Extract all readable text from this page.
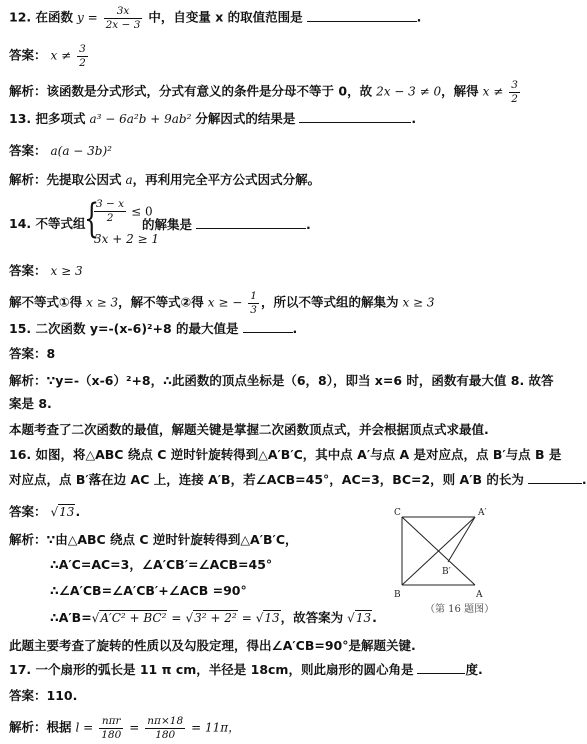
12. 在函数 $y = \frac{3x}{2x - 3}$ 中，自变量 x 的取值范围是	.
答案： $x \ne \frac{3}{2}$
解析：该函数是分式形式，分式有意义的条件是分母不等于 0，故 2x − 3 ≠ 0，解得 $x \ne \frac{3}{2}$
13. 把多项式 a³ − 6a²b + 9ab² 分解因式的结果是	.
答案： a(a − 3b)²
解析：先提取公因式 a，再利用完全平方公式因式分解。
14. 不等式组
{
$\frac{3 - x}{2} \le 0$
3x + 2 ≥ 1
的解集是	.
答案： x ≥ 3
解不等式①得 x ≥ 3，解不等式②得 x ≥ − $\frac{1}{3}$ ，所以不等式组的解集为 x ≥ 3
15. 二次函数 y=-(x-6)²+8 的最大值是	.
答案：8
解析：∵y=-（x-6）²+8，∴此函数的顶点坐标是（6，8），即当 x=6 时，函数有最大值 8. 故答
案是 8.
本题考查了二次函数的最值，解题关键是掌握二次函数顶点式，并会根据顶点式求最值.
16. 如图，将△ABC 绕点 C 逆时针旋转得到△A′B′C，其中点 A′与点 A 是对应点，点 B′与点 B 是
对应点，点 B′落在边 AC 上，连接 A′B，若∠ACB=45°，AC=3，BC=2，则 A′B 的长为	.
答案： √13.
解析：∵由△ABC 绕点 C 逆时针旋转得到△A′B′C，
∴A′C=AC=3，∠A′CB′=∠ACB=45°
∴∠A′CB=∠A′CB′+∠ACB =90°
∴A′B=√A′C² + BC² = √3² + 2² = √13，故答案为 √13.
C	A′
B′
B	A
（第 16 题图）
此题主要考查了旋转的性质以及勾股定理，得出∠A′CB=90°是解题关键.
17. 一个扇形的弧长是 11 π cm，半径是 18cm，则此扇形的圆心角是	度.
答案：110.
解析：根据 $l = \frac{\text{nπr}}{180} = \frac{n\pi\times 18}{180} = 11\pi$，
